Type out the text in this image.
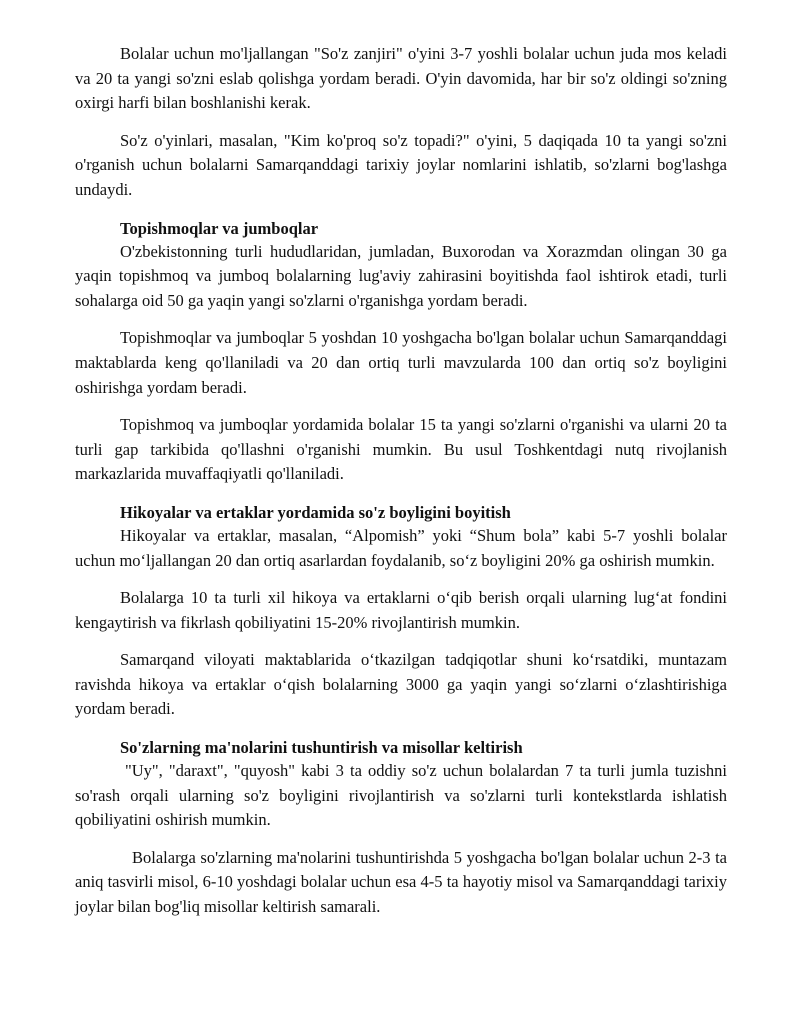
Bolalar uchun mo'ljallangan "So'z zanjiri" o'yini 3-7 yoshli bolalar uchun juda mos keladi va 20 ta yangi so'zni eslab qolishga yordam beradi. O'yin davomida, har bir so'z oldingi so'zning oxirgi harfi bilan boshlanishi kerak.

So'z o'yinlari, masalan, "Kim ko'proq so'z topadi?" o'yini, 5 daqiqada 10 ta yangi so'zni o'rganish uchun bolalarni Samarqanddagi tarixiy joylar nomlarini ishlatib, so'zlarni bog'lashga undaydi.

Topishmoqlar va jumboqlar

O'zbekistonning turli hududlaridan, jumladan, Buxorodan va Xorazmdan olingan 30 ga yaqin topishmoq va jumboq bolalarning lug'aviy zahirasini boyitishda faol ishtirok etadi, turli sohalarga oid 50 ga yaqin yangi so'zlarni o'rganishga yordam beradi.

Topishmoqlar va jumboqlar 5 yoshdan 10 yoshgacha bo'lgan bolalar uchun Samarqanddagi maktablarda keng qo'llaniladi va 20 dan ortiq turli mavzularda 100 dan ortiq so'z boyligini oshirishga yordam beradi.

Topishmoq va jumboqlar yordamida bolalar 15 ta yangi so'zlarni o'rganishi va ularni 20 ta turli gap tarkibida qo'llashni o'rganishi mumkin. Bu usul Toshkentdagi nutq rivojlanish markazlarida muvaffaqiyatli qo'llaniladi.

Hikoyalar va ertaklar yordamida so'z boyligini boyitish

Hikoyalar va ertaklar, masalan, “Alpomish” yoki “Shum bola” kabi 5-7 yoshli bolalar uchun mo‘ljallangan 20 dan ortiq asarlardan foydalanib, so‘z boyligini 20% ga oshirish mumkin.

Bolalarga 10 ta turli xil hikoya va ertaklarni o‘qib berish orqali ularning lug‘at fondini kengaytirish va fikrlash qobiliyatini 15-20% rivojlantirish mumkin.

Samarqand viloyati maktablarida o‘tkazilgan tadqiqotlar shuni ko‘rsatdiki, muntazam ravishda hikoya va ertaklar o‘qish bolalarning 3000 ga yaqin yangi so‘zlarni o‘zlashtirishiga yordam beradi.

So'zlarning ma'nolarini tushuntirish va misollar keltirish

"Uy", "daraxt", "quyosh" kabi 3 ta oddiy so'z uchun bolalardan 7 ta turli jumla tuzishni so'rash orqali ularning so'z boyligini rivojlantirish va so'zlarni turli kontekstlarda ishlatish qobiliyatini oshirish mumkin.

Bolalarga so'zlarning ma'nolarini tushuntirishda 5 yoshgacha bo'lgan bolalar uchun 2-3 ta aniq tasvirli misol, 6-10 yoshdagi bolalar uchun esa 4-5 ta hayotiy misol va Samarqanddagi tarixiy joylar bilan bog'liq misollar keltirish samarali.
